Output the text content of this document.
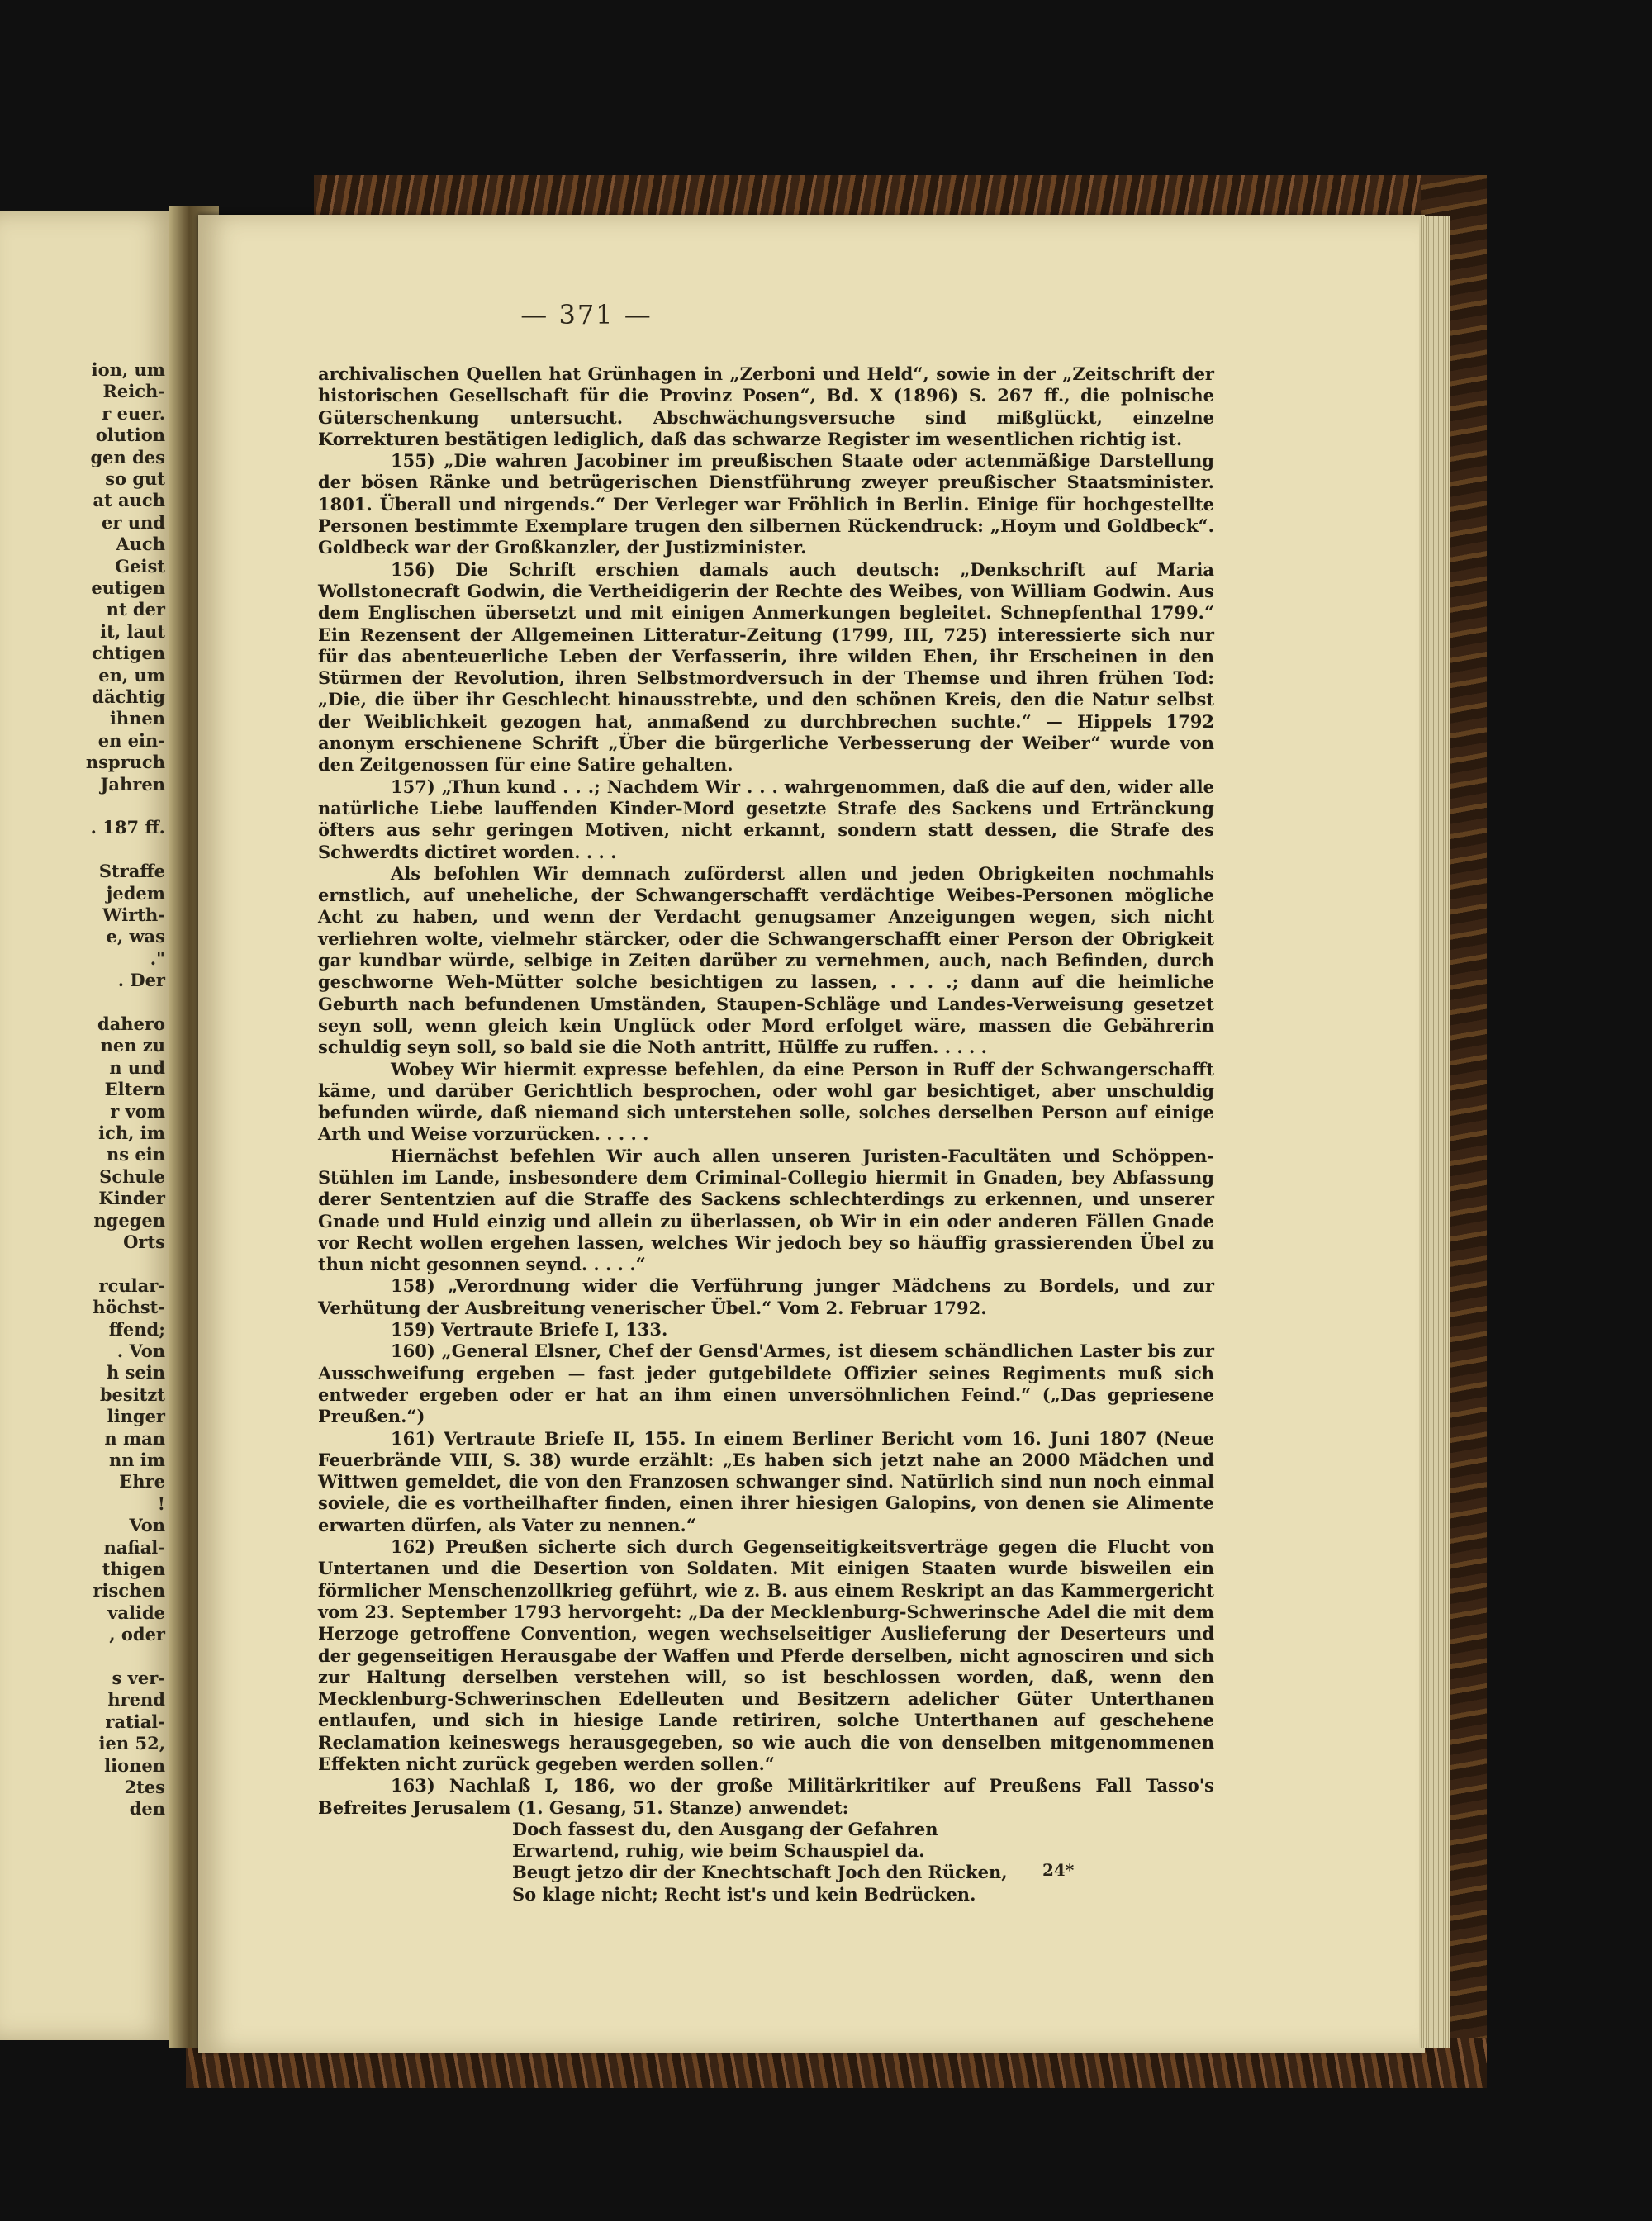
ion, um
Reich-
r euer.
olution
gen des
so gut
at auch
er und
Auch
Geist
eutigen
nt der
it, laut
chtigen
en, um
dächtig
ihnen
en ein-
nspruch
Jahren
. 187 ff.
Straffe
jedem
Wirth-
e, was
."
. Der
dahero
nen zu
n und
Eltern
r vom
ich, im
ns ein
Schule
Kinder
ngegen
Orts
rcular-
höchst-
ffend;
. Von
h sein
besitzt
linger
n man
nn im
Ehre
!
Von
nafial-
thigen
rischen
valide
, oder
s ver-
hrend
ratial-
ien 52,
lionen
2tes
den
— 371 —

archivalischen Quellen hat Grünhagen in „Zerboni und Held“, sowie in der „Zeitschrift der historischen Gesellschaft für die Provinz Posen“, Bd. X (1896) S. 267 ff., die polnische Güterschenkung untersucht. Abschwächungsversuche sind mißglückt, einzelne Korrekturen bestätigen lediglich, daß das schwarze Register im wesentlichen richtig ist.

155) „Die wahren Jacobiner im preußischen Staate oder actenmäßige Darstellung der bösen Ränke und betrügerischen Dienstführung zweyer preußischer Staatsminister. 1801. Überall und nirgends.“ Der Verleger war Fröhlich in Berlin. Einige für hochgestellte Personen bestimmte Exemplare trugen den silbernen Rückendruck: „Hoym und Goldbeck“. Goldbeck war der Großkanzler, der Justizminister.

156) Die Schrift erschien damals auch deutsch: „Denkschrift auf Maria Wollstonecraft Godwin, die Vertheidigerin der Rechte des Weibes, von William Godwin. Aus dem Englischen übersetzt und mit einigen Anmerkungen begleitet. Schnepfenthal 1799.“ Ein Rezensent der Allgemeinen Litteratur-Zeitung (1799, III, 725) interessierte sich nur für das abenteuerliche Leben der Verfasserin, ihre wilden Ehen, ihr Erscheinen in den Stürmen der Revolution, ihren Selbstmordversuch in der Themse und ihren frühen Tod: „Die, die über ihr Geschlecht hinausstrebte, und den schönen Kreis, den die Natur selbst der Weiblichkeit gezogen hat, anmaßend zu durchbrechen suchte.“ — Hippels 1792 anonym erschienene Schrift „Über die bürgerliche Verbesserung der Weiber“ wurde von den Zeitgenossen für eine Satire gehalten.

157) „Thun kund . . .; Nachdem Wir . . . wahrgenommen, daß die auf den, wider alle natürliche Liebe lauffenden Kinder-Mord gesetzte Strafe des Sackens und Ertränckung öfters aus sehr geringen Motiven, nicht erkannt, sondern statt dessen, die Strafe des Schwerdts dictiret worden. . . .

Als befohlen Wir demnach zuförderst allen und jeden Obrigkeiten nochmahls ernstlich, auf uneheliche, der Schwangerschafft verdächtige Weibes-Personen mögliche Acht zu haben, und wenn der Verdacht genugsamer Anzeigungen wegen, sich nicht verliehren wolte, vielmehr stärcker, oder die Schwangerschafft einer Person der Obrigkeit gar kundbar würde, selbige in Zeiten darüber zu vernehmen, auch, nach Befinden, durch geschworne Weh-Mütter solche besichtigen zu lassen, . . . .; dann auf die heimliche Geburth nach befundenen Umständen, Staupen-Schläge und Landes-Verweisung gesetzet seyn soll, wenn gleich kein Unglück oder Mord erfolget wäre, massen die Gebährerin schuldig seyn soll, so bald sie die Noth antritt, Hülffe zu ruffen. . . . .

Wobey Wir hiermit expresse befehlen, da eine Person in Ruff der Schwangerschafft käme, und darüber Gerichtlich besprochen, oder wohl gar besichtiget, aber unschuldig befunden würde, daß niemand sich unterstehen solle, solches derselben Person auf einige Arth und Weise vorzurücken. . . . .

Hiernächst befehlen Wir auch allen unseren Juristen-Facultäten und Schöppen-Stühlen im Lande, insbesondere dem Criminal-Collegio hiermit in Gnaden, bey Abfassung derer Sententzien auf die Straffe des Sackens schlechterdings zu erkennen, und unserer Gnade und Huld einzig und allein zu überlassen, ob Wir in ein oder anderen Fällen Gnade vor Recht wollen ergehen lassen, welches Wir jedoch bey so häuffig grassierenden Übel zu thun nicht gesonnen seynd. . . . .“

158) „Verordnung wider die Verführung junger Mädchens zu Bordels, und zur Verhütung der Ausbreitung venerischer Übel.“ Vom 2. Februar 1792.

159) Vertraute Briefe I, 133.

160) „General Elsner, Chef der Gensd'Armes, ist diesem schändlichen Laster bis zur Ausschweifung ergeben — fast jeder gutgebildete Offizier seines Regiments muß sich entweder ergeben oder er hat an ihm einen unversöhnlichen Feind.“ („Das gepriesene Preußen.“)

161) Vertraute Briefe II, 155. In einem Berliner Bericht vom 16. Juni 1807 (Neue Feuerbrände VIII, S. 38) wurde erzählt: „Es haben sich jetzt nahe an 2000 Mädchen und Wittwen gemeldet, die von den Franzosen schwanger sind. Natürlich sind nun noch einmal soviele, die es vortheilhafter finden, einen ihrer hiesigen Galopins, von denen sie Alimente erwarten dürfen, als Vater zu nennen.“

162) Preußen sicherte sich durch Gegenseitigkeitsverträge gegen die Flucht von Untertanen und die Desertion von Soldaten. Mit einigen Staaten wurde bisweilen ein förmlicher Menschenzollkrieg geführt, wie z. B. aus einem Reskript an das Kammergericht vom 23. September 1793 hervorgeht: „Da der Mecklenburg-Schwerinsche Adel die mit dem Herzoge getroffene Convention, wegen wechselseitiger Auslieferung der Deserteurs und der gegenseitigen Herausgabe der Waffen und Pferde derselben, nicht agnosciren und sich zur Haltung derselben verstehen will, so ist beschlossen worden, daß, wenn den Mecklenburg-Schwerinschen Edelleuten und Besitzern adelicher Güter Unterthanen entlaufen, und sich in hiesige Lande retiriren, solche Unterthanen auf geschehene Reclamation keineswegs herausgegeben, so wie auch die von denselben mitgenommenen Effekten nicht zurück gegeben werden sollen.“

163) Nachlaß I, 186, wo der große Militärkritiker auf Preußens Fall Tasso's Befreites Jerusalem (1. Gesang, 51. Stanze) anwendet:

Doch fassest du, den Ausgang der Gefahren
Erwartend, ruhig, wie beim Schauspiel da.
Beugt jetzo dir der Knechtschaft Joch den Rücken,
So klage nicht; Recht ist's und kein Bedrücken.
24*
